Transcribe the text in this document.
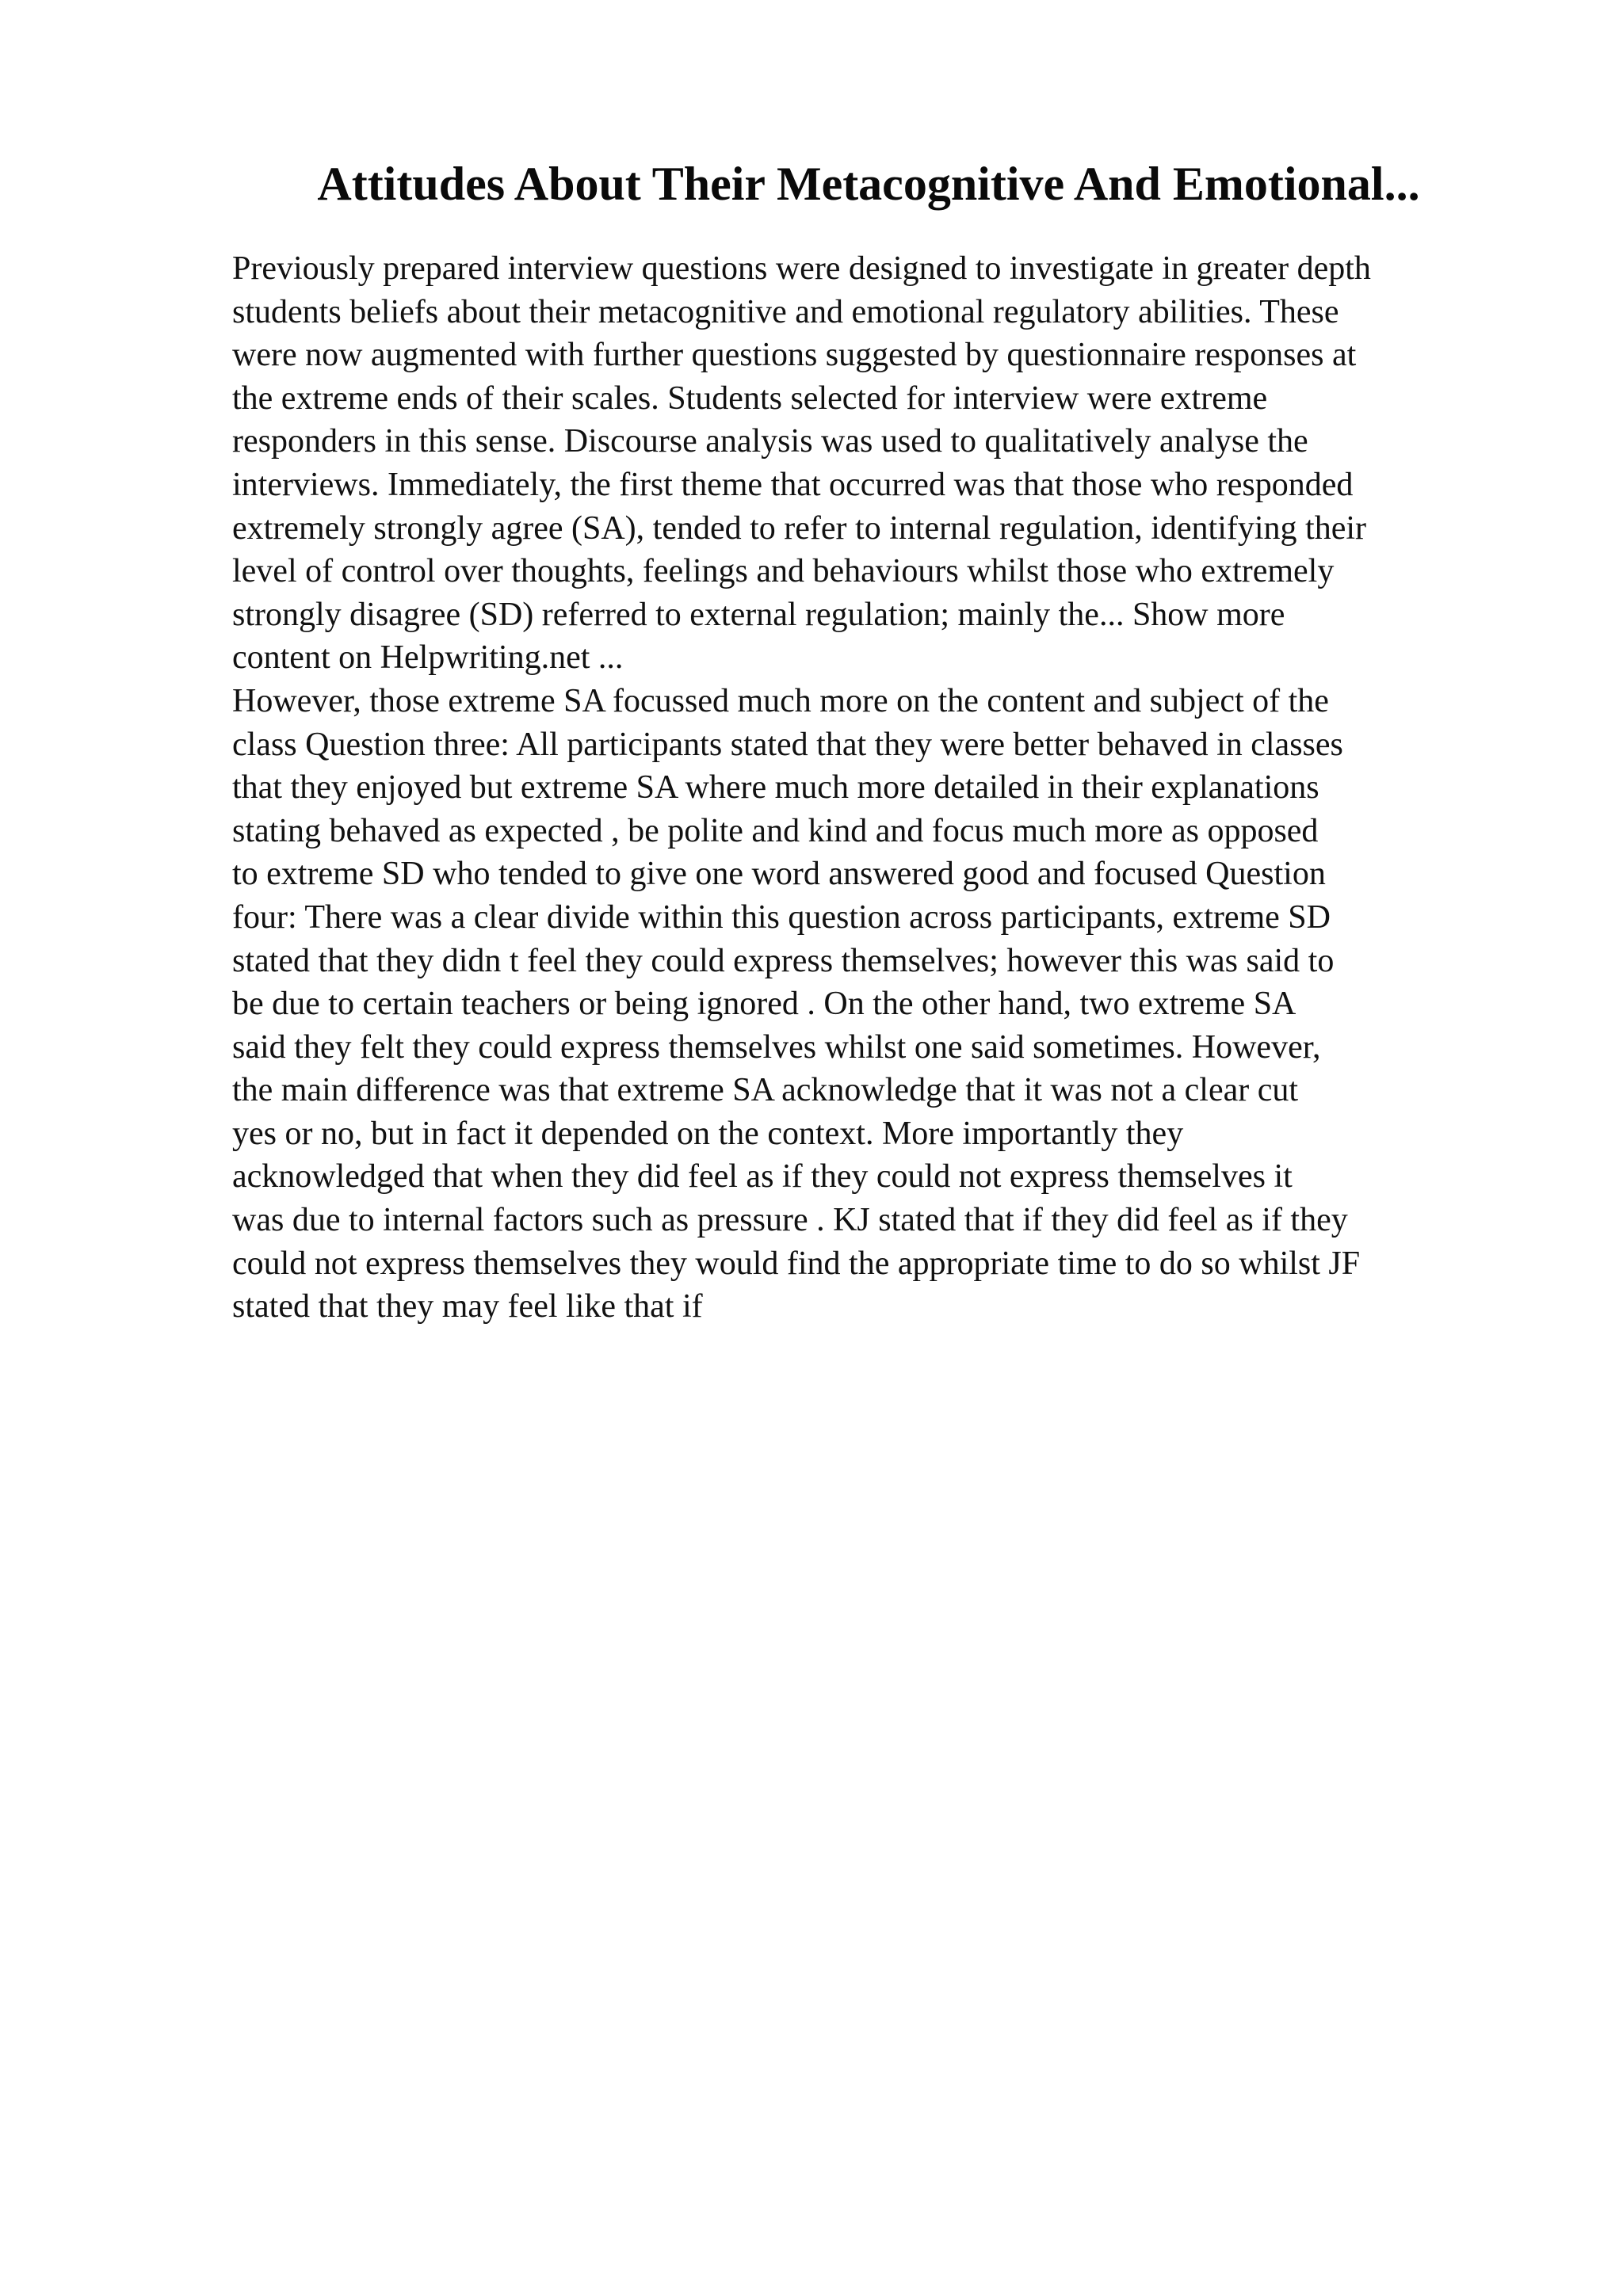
Attitudes About Their Metacognitive And Emotional...
Previously prepared interview questions were designed to investigate in greater depth
students beliefs about their metacognitive and emotional regulatory abilities. These
were now augmented with further questions suggested by questionnaire responses at
the extreme ends of their scales. Students selected for interview were extreme
responders in this sense. Discourse analysis was used to qualitatively analyse the
interviews. Immediately, the first theme that occurred was that those who responded
extremely strongly agree (SA), tended to refer to internal regulation, identifying their
level of control over thoughts, feelings and behaviours whilst those who extremely
strongly disagree (SD) referred to external regulation; mainly the... Show more
content on Helpwriting.net ...
However, those extreme SA focussed much more on the content and subject of the
class Question three: All participants stated that they were better behaved in classes
that they enjoyed but extreme SA where much more detailed in their explanations
stating behaved as expected , be polite and kind and focus much more as opposed
to extreme SD who tended to give one word answered good and focused Question
four: There was a clear divide within this question across participants, extreme SD
stated that they didn t feel they could express themselves; however this was said to
be due to certain teachers or being ignored . On the other hand, two extreme SA
said they felt they could express themselves whilst one said sometimes. However,
the main difference was that extreme SA acknowledge that it was not a clear cut
yes or no, but in fact it depended on the context. More importantly they
acknowledged that when they did feel as if they could not express themselves it
was due to internal factors such as pressure . KJ stated that if they did feel as if they
could not express themselves they would find the appropriate time to do so whilst JF
stated that they may feel like that if
